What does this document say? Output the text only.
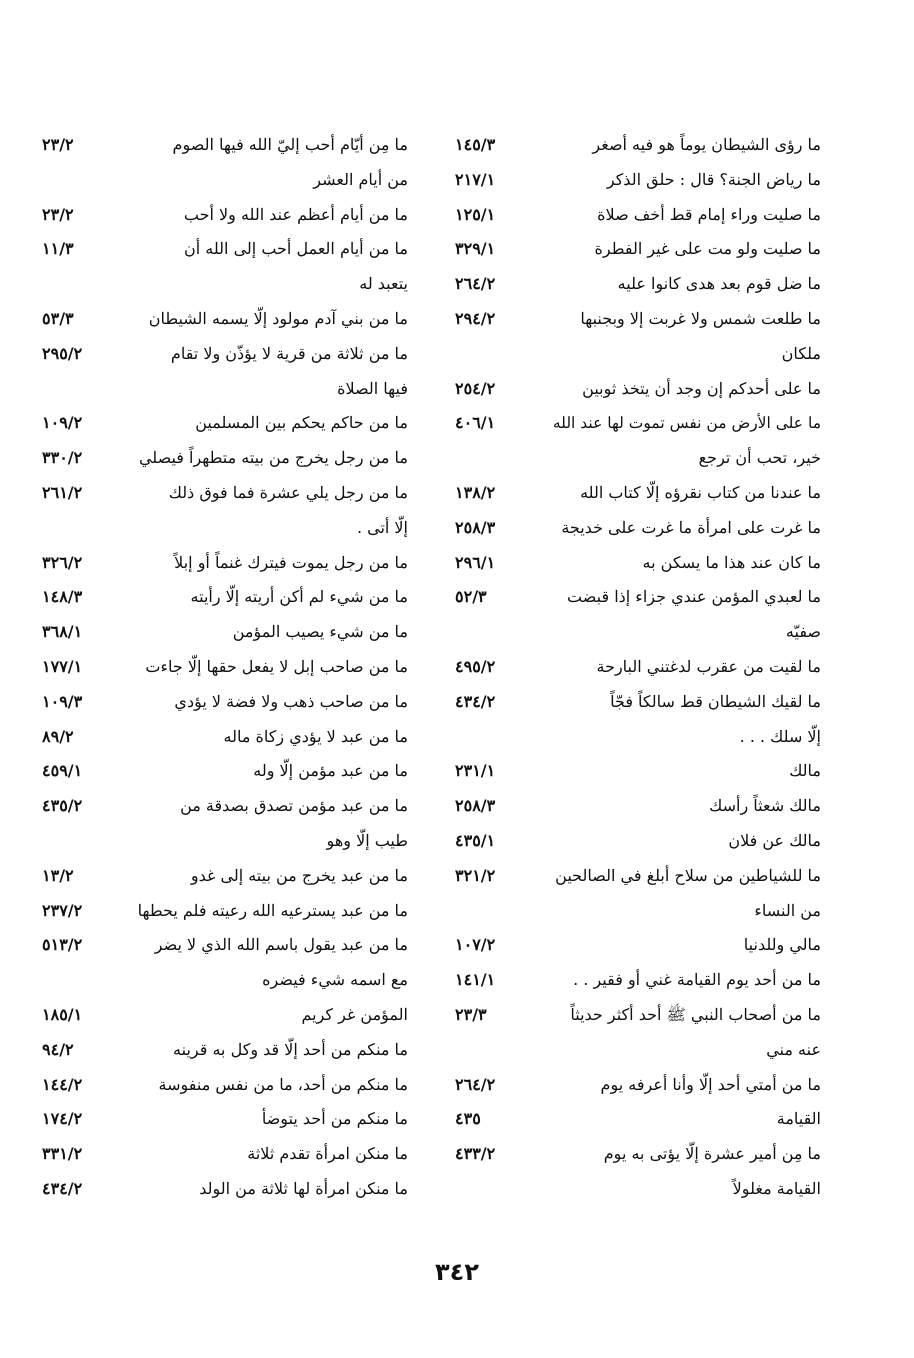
ما رؤى الشيطان يوماً هو فيه أصغر
١٤٥/٣
ما رياض الجنة؟ قال : حلق الذكر
٢١٧/١
ما صليت وراء إمام قط أخف صلاة
١٢٥/١
ما صليت ولو مت على غير الفطرة
٣٢٩/١
ما ضل قوم بعد هدى كانوا عليه
٢٦٤/٢
ما طلعت شمس ولا غربت إلا وبجنبها
٢٩٤/٢
ملكان
ما على أحدكم إن وجد أن يتخذ ثوبين
٢٥٤/٢
ما على الأرض من نفس تموت لها عند الله
٤٠٦/١
خير، تحب أن ترجع
ما عندنا من كتاب نقرؤه إلّا كتاب الله
١٣٨/٢
ما غرت على امرأة ما غرت على خديجة
٢٥٨/٣
ما كان عند هذا ما يسكن به
٢٩٦/١
ما لعبدي المؤمن عندي جزاء إذا قبضت
٥٢/٣
صفيّه
ما لقيت من عقرب لدغتني البارحة
٤٩٥/٢
ما لقيك الشيطان قط سالكاً فجّاً
٤٣٤/٢
إلّا سلك . . .
مالك
٢٣١/١
مالك شعثاً رأسك
٢٥٨/٣
مالك عن فلان
٤٣٥/١
ما للشياطين من سلاح أبلغ في الصالحين
٣٢١/٢
من النساء
مالي وللدنيا
١٠٧/٢
ما من أحد يوم القيامة غني أو فقير . .
١٤١/١
ما من أصحاب النبي ﷺ أحد أكثر حديثاً
٢٣/٣
عنه مني
ما من أمتي أحد إلّا وأنا أعرفه يوم
٢٦٤/٢
القيامة
٤٣٥
ما مِن أمير عشرة إلّا يؤتى به يوم
٤٣٣/٢
القيامة مغلولاً
ما مِن أيّام أحب إليّ الله فيها الصوم
٢٣/٢
من أيام العشر
ما من أيام أعظم عند الله ولا أحب
٢٣/٢
ما من أيام العمل أحب إلى الله أن
١١/٣
يتعبد له
ما من بني آدم مولود إلّا يسمه الشيطان
٥٣/٣
ما من ثلاثة من قرية لا يؤذّن ولا تقام
٢٩٥/٢
فيها الصلاة
ما من حاكم يحكم بين المسلمين
١٠٩/٢
ما من رجل يخرج من بيته متطهراً فيصلي
٣٣٠/٢
ما من رجل يلي عشرة فما فوق ذلك
٢٦١/٢
إلّا أتى .
ما من رجل يموت فيترك غنماً أو إبلاً
٣٢٦/٢
ما من شيء لم أكن أريته إلّا رأيته
١٤٨/٣
ما من شيء يصيب المؤمن
٣٦٨/١
ما من صاحب إبل لا يفعل حقها إلّا جاءت
١٧٧/١
ما من صاحب ذهب ولا فضة لا يؤدي
١٠٩/٣
ما من عبد لا يؤدي زكاة ماله
٨٩/٢
ما من عبد مؤمن إلّا وله
٤٥٩/١
ما من عبد مؤمن تصدق بصدقة من
٤٣٥/٢
طيب إلّا وهو
ما من عبد يخرج من بيته إلى غدو
١٣/٢
ما من عبد يسترعيه الله رعيته فلم يحطها
٢٣٧/٢
ما من عبد يقول باسم الله الذي لا يضر
٥١٣/٢
مع اسمه شيء فيضره
المؤمن غر كريم
١٨٥/١
ما منكم من أحد إلّا قد وكل به قرينه
٩٤/٢
ما منكم من أحد، ما من نفس منفوسة
١٤٤/٢
ما منكم من أحد يتوضأ
١٧٤/٢
ما منكن امرأة تقدم ثلاثة
٣٣١/٢
ما منكن امرأة لها ثلاثة من الولد
٤٣٤/٢
٣٤٢
